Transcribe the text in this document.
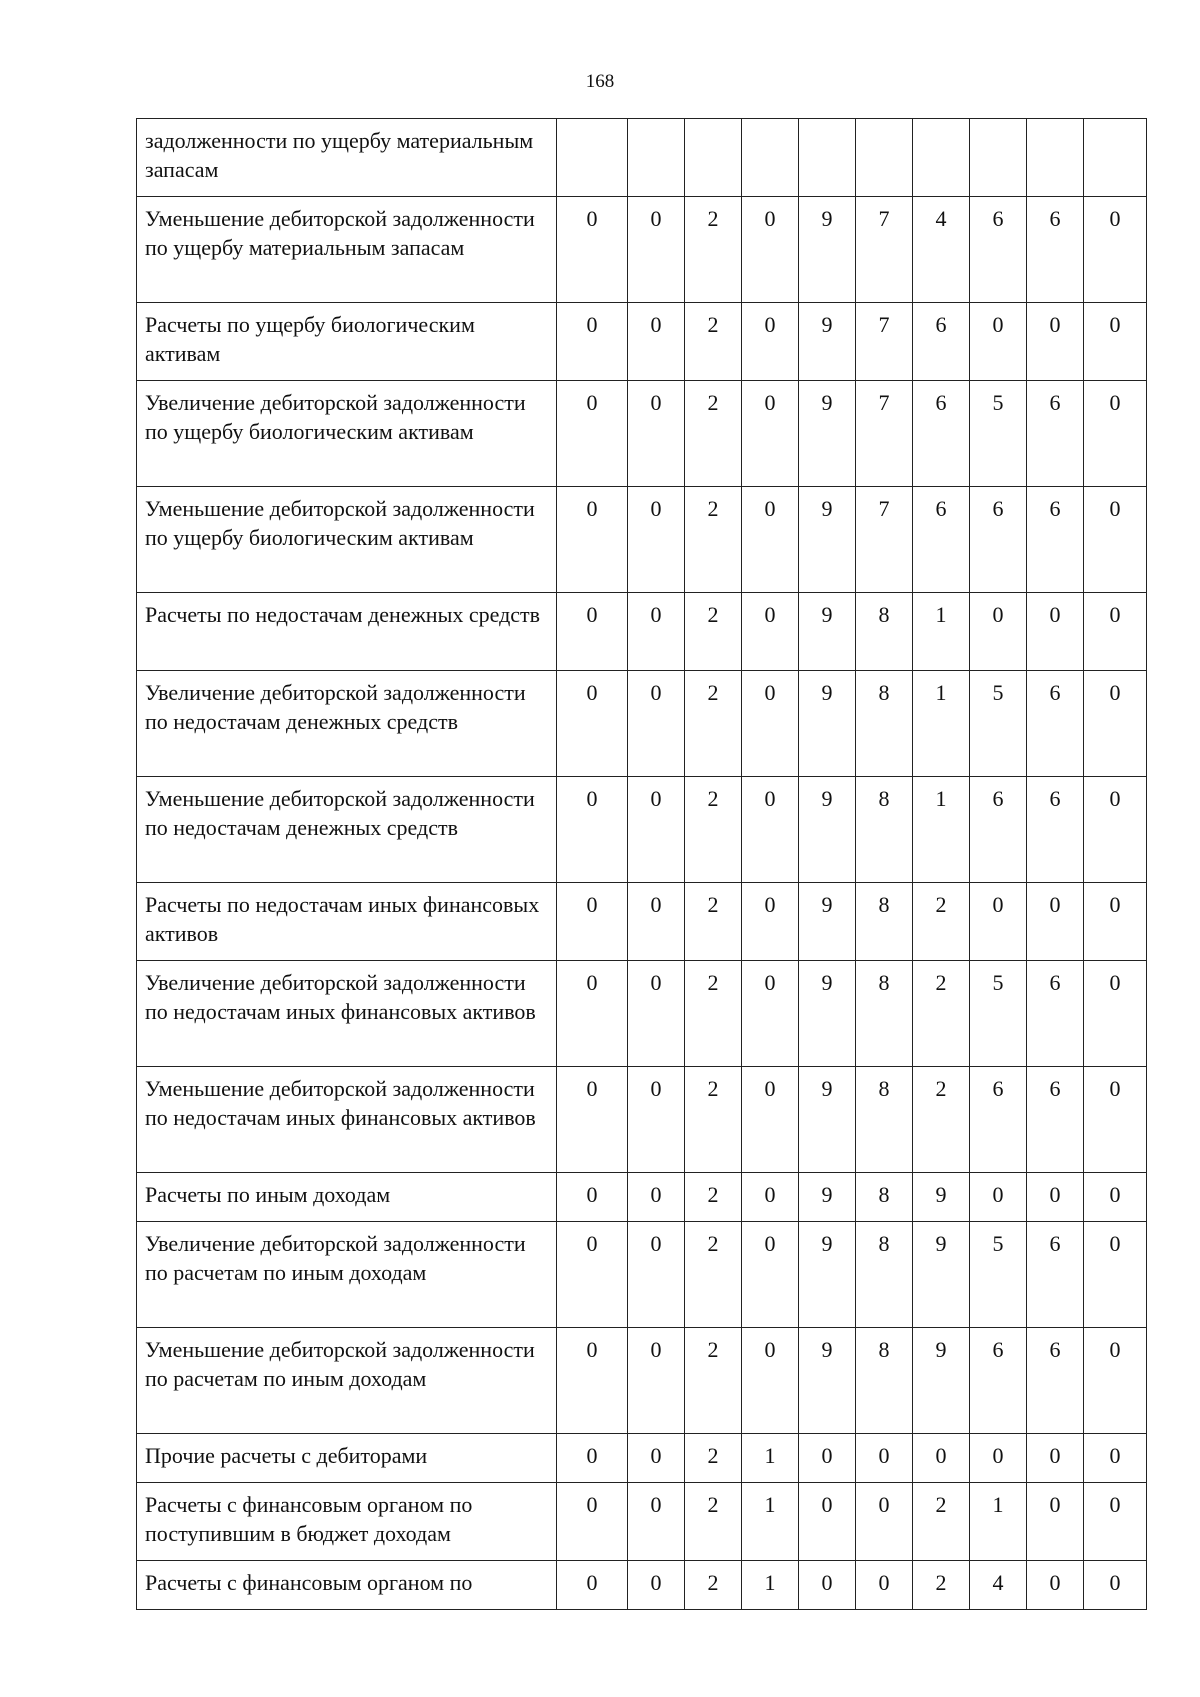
168
задолженности по ущербу материальным запасам										
Уменьшение дебиторской задолженности по ущербу материальным запасам	0	0	2	0	9	7	4	6	6	0
Расчеты по ущербу биологическим активам	0	0	2	0	9	7	6	0	0	0
Увеличение дебиторской задолженности по ущербу биологическим активам	0	0	2	0	9	7	6	5	6	0
Уменьшение дебиторской задолженности по ущербу биологическим активам	0	0	2	0	9	7	6	6	6	0
Расчеты по недостачам денежных средств	0	0	2	0	9	8	1	0	0	0
Увеличение дебиторской задолженности по недостачам денежных средств	0	0	2	0	9	8	1	5	6	0
Уменьшение дебиторской задолженности по недостачам денежных средств	0	0	2	0	9	8	1	6	6	0
Расчеты по недостачам иных финансовых активов	0	0	2	0	9	8	2	0	0	0
Увеличение дебиторской задолженности по недостачам иных финансовых активов	0	0	2	0	9	8	2	5	6	0
Уменьшение дебиторской задолженности по недостачам иных финансовых активов	0	0	2	0	9	8	2	6	6	0
Расчеты по иным доходам	0	0	2	0	9	8	9	0	0	0
Увеличение дебиторской задолженности по расчетам по иным доходам	0	0	2	0	9	8	9	5	6	0
Уменьшение дебиторской задолженности по расчетам по иным доходам	0	0	2	0	9	8	9	6	6	0
Прочие расчеты с дебиторами	0	0	2	1	0	0	0	0	0	0
Расчеты с финансовым органом по поступившим в бюджет доходам	0	0	2	1	0	0	2	1	0	0
Расчеты с финансовым органом по	0	0	2	1	0	0	2	4	0	0
